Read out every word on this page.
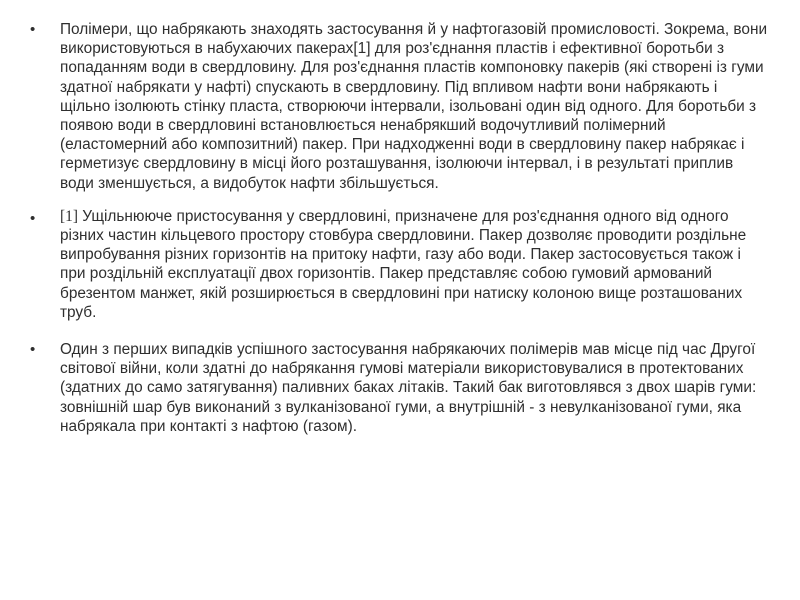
•	Полімери, що набрякають знаходять застосування й у нафтогазовій промисловості. Зокрема, вони використовуються в набухаючих пакерах[1] для роз'єднання пластів і ефективної боротьби з попаданням води в свердловину. Для роз'єднання пластів компоновку пакерів (які створені із гуми здатної набрякати у нафті) спускають в свердловину. Під впливом нафти вони набрякають і щільно ізолюють стінку пласта, створюючи інтервали, ізольовані один від одного. Для боротьби з появою води в свердловині встановлюється ненабрякший водочутливий полімерний (еластомерний або композитний) пакер. При надходженні води в свердловину пакер набрякає і герметизує свердловину в місці його розташування, ізолюючи інтервал, і в результаті приплив води зменшується, а видобуток нафти збільшується.
•	[1] Ущільнююче пристосування у свердловині, призначене для роз'єднання одного від одного різних частин кільцевого простору стовбура свердловини. Пакер дозволяє проводити роздільне випробування різних горизонтів на притоку нафти, газу або води. Пакер застосовується також і при роздільній експлуатації двох горизонтів. Пакер представляє собою гумовий армований брезентом манжет, якій розширюється в свердловині при натиску колоною вище розташованих труб.
•	Один з перших випадків успішного застосування набрякаючих полімерів мав місце під час Другої світової війни, коли здатні до набрякання гумові матеріали використовувалися в протектованих (здатних до само затягування) паливних баках літаків. Такий бак виготовлявся з двох шарів гуми: зовнішній шар був виконаний з вулканізованої гуми, а внутрішній - з невулканізованої гуми, яка набрякала при контакті з нафтою (газом).
